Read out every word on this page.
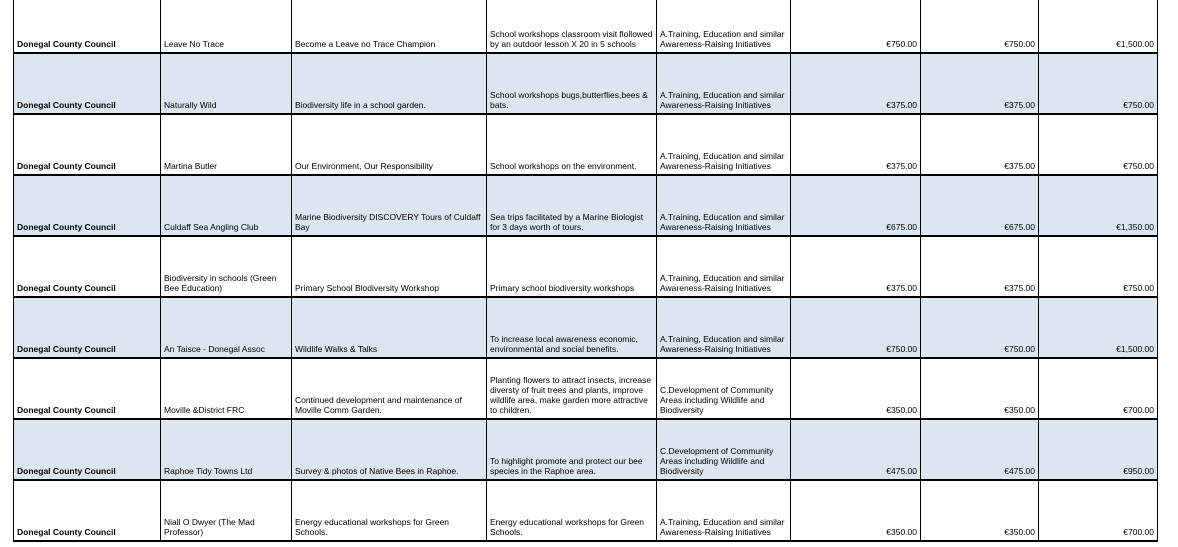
Donegal County Council	Leave No Trace	Become a Leave no Trace Champion	School workshops classroom visit flollowed by an outdoor lesson X 20 in 5 schools	A.Training, Education and similar Awareness-Raising Initiatives	€750.00	€750.00	€1,500.00
Donegal County Council	Naturally Wild	Biodiversity life in a school garden.	School workshops bugs,butterflies,bees & bats.	A.Training, Education and similar Awareness-Raising Initiatives	€375.00	€375.00	€750.00
Donegal County Council	Martina Butler	Our Environment, Our Responsibility	School workshops on the environment.	A.Training, Education and similar Awareness-Raising Initiatives	€375.00	€375.00	€750.00
Donegal County Council	Culdaff Sea Angling Club	Marine Biodiversity DISCOVERY Tours of Culdaff Bay	Sea trips facilitated by a Marine Biologist for 3 days worth of tours.	A.Training, Education and similar Awareness-Raising Initiatives	€675.00	€675.00	€1,350.00
Donegal County Council	Biodiversity in schools (Green Bee Education)	Primary School Biodiversity Workshop	Primary school biodiversity workshops	A.Training, Education and similar Awareness-Raising Initiatives	€375.00	€375.00	€750.00
Donegal County Council	An Taisce - Donegal Assoc	Wildlife Walks & Talks	To increase local awareness economic, environmental and social benefits.	A.Training, Education and similar Awareness-Raising Initiatives	€750.00	€750.00	€1,500.00
Donegal County Council	Moville &District FRC	Continued development and maintenance of Moville Comm Garden.	Planting flowers to attract insects, increase diversty of fruit trees and plants, improve wildlife area, make garden more attractive to children.	C.Development of Community Areas including Wildlife and Biodiversity	€350.00	€350.00	€700.00
Donegal County Council	Raphoe Tidy Towns Ltd	Survey & photos of Native Bees in Raphoe.	To highlight promote and protect our bee species in the Raphoe area.	C.Development of Community Areas including Wildlife and Biodiversity	€475.00	€475.00	€950.00
Donegal County Council	Niall O Dwyer (The Mad Professor)	Energy educational workshops for Green Schools.	Energy educational workshops for Green Schools.	A.Training, Education and similar Awareness-Raising Initiatives	€350.00	€350.00	€700.00
